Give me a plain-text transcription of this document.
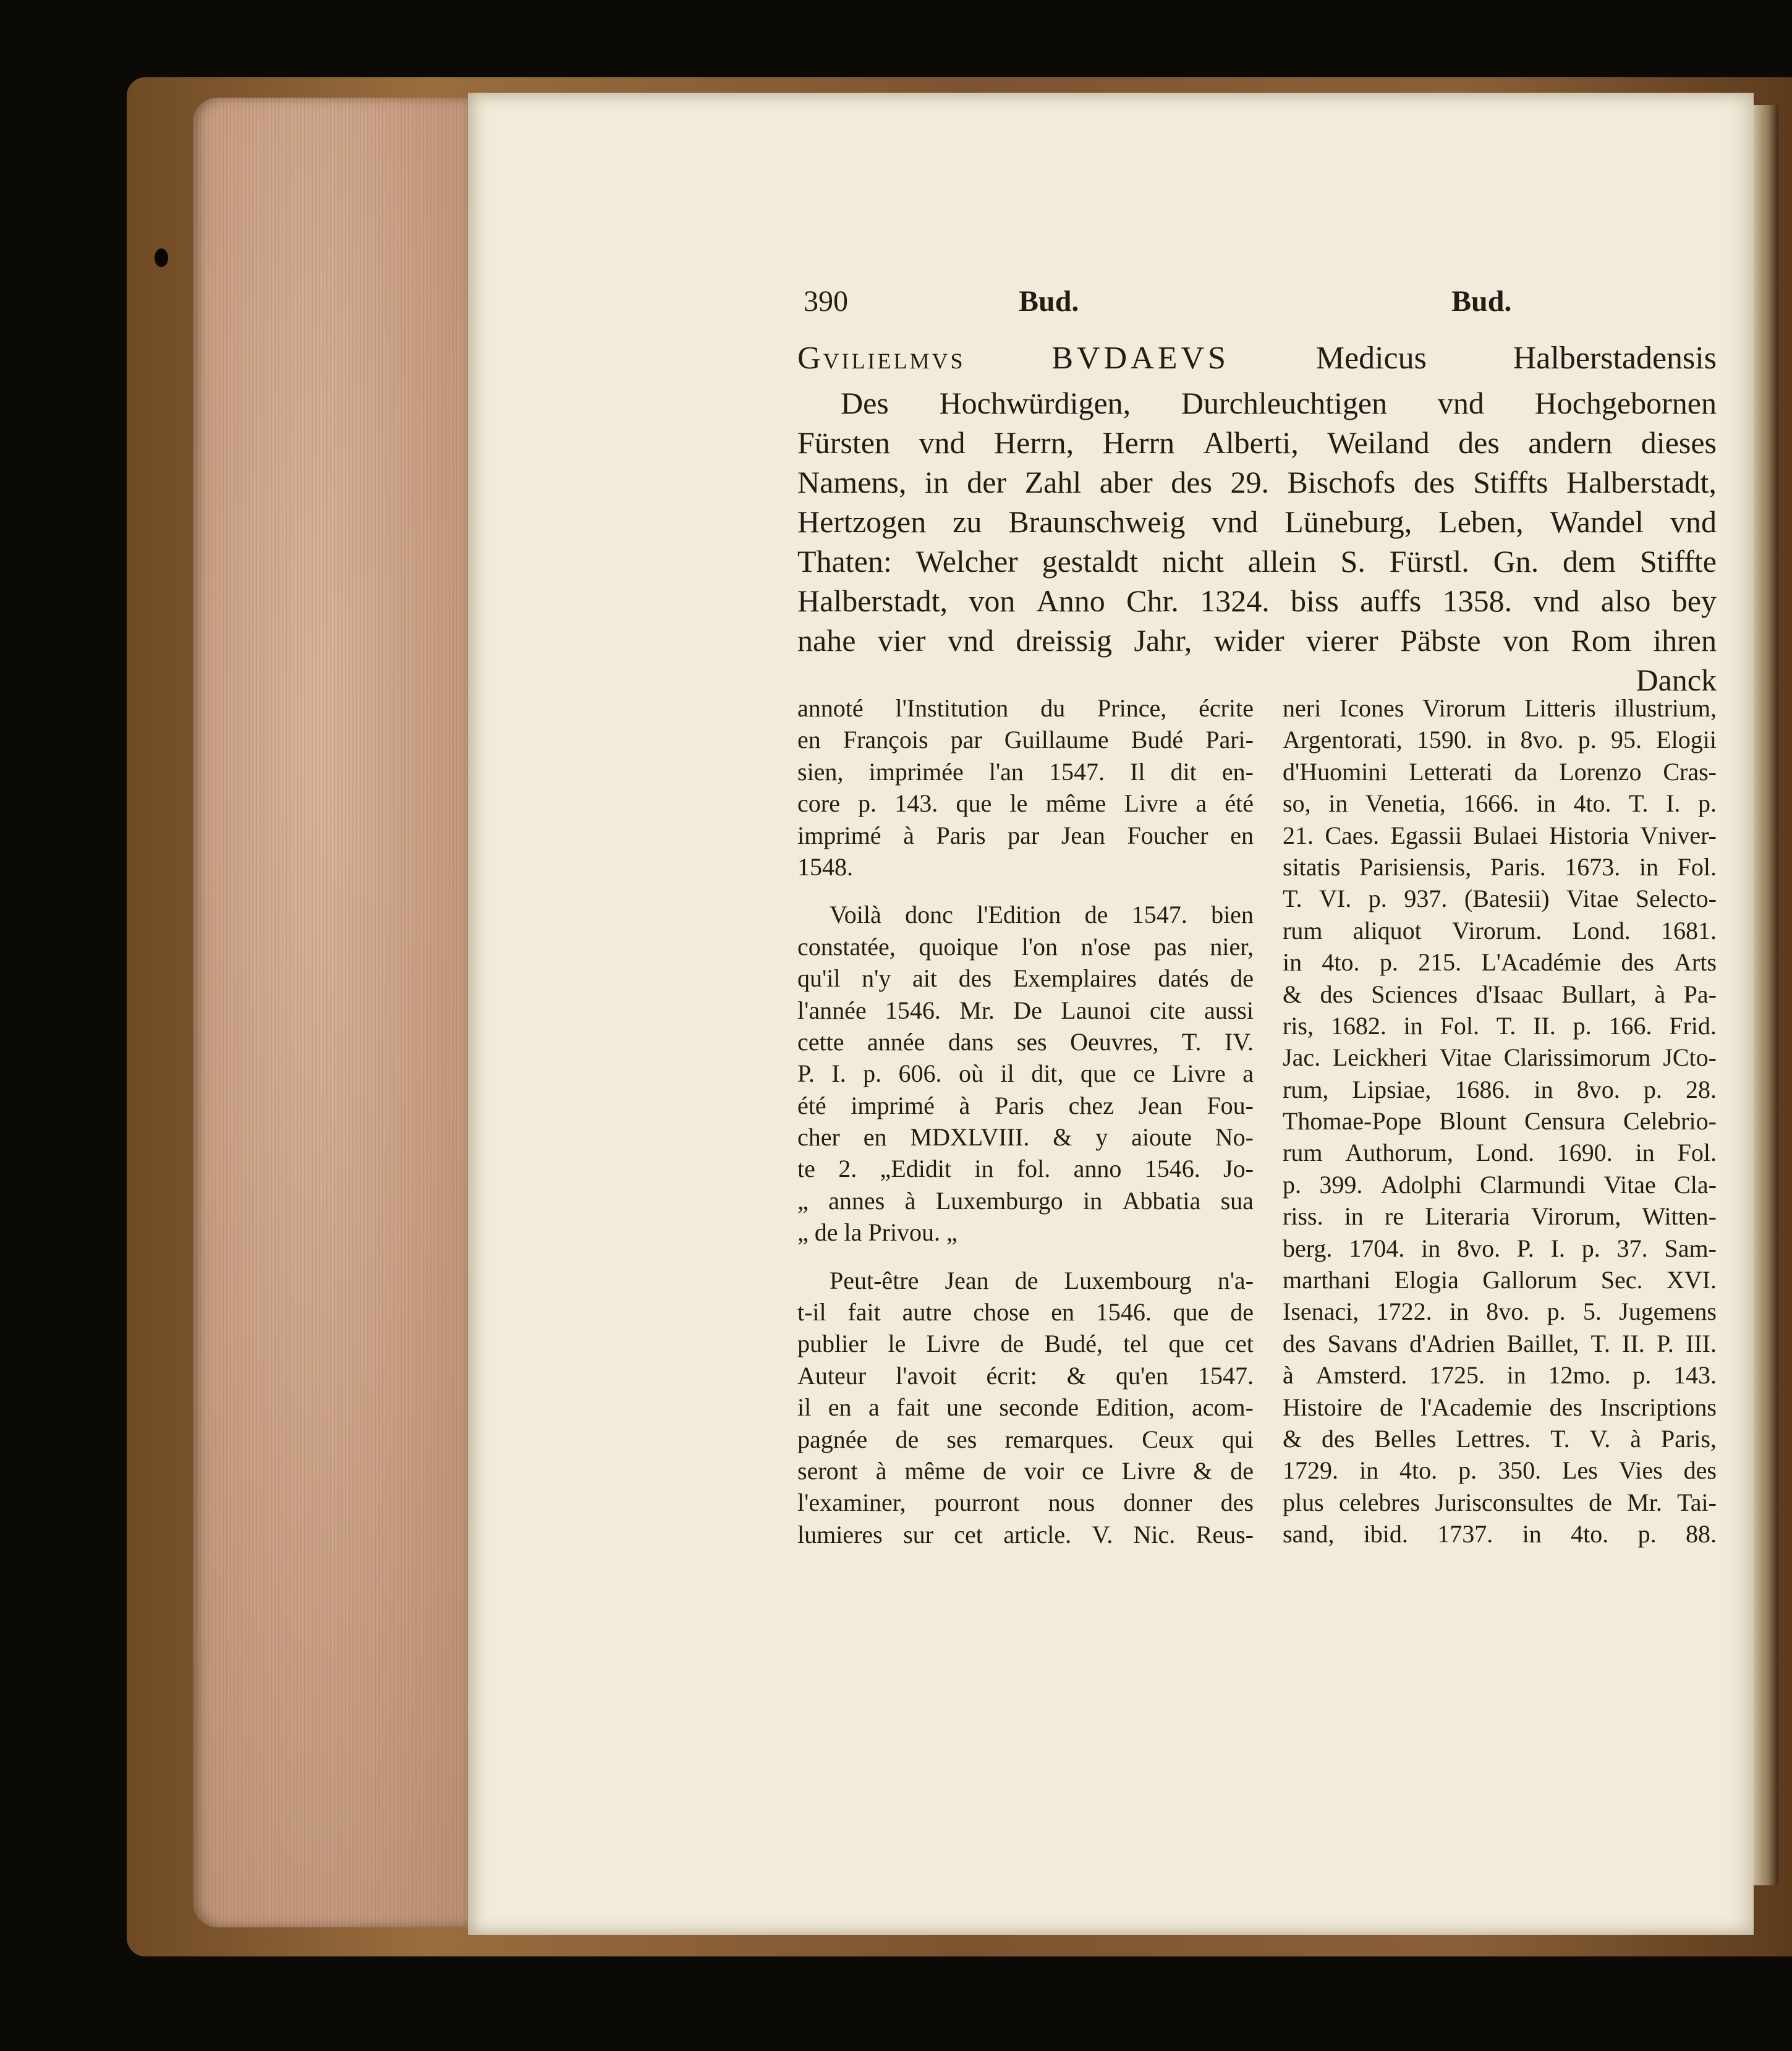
390	Bud.	Bud.
Gvilielmvs	BVDAEVS	Medicus	Halberstadensis
Des Hochwürdigen, Durchleuchtigen vnd Hochgebornen
Fürsten vnd Herrn, Herrn Alberti, Weiland des andern dieses
Namens, in der Zahl aber des 29. Bischofs des Stiffts Halberstadt,
Hertzogen zu Braunschweig vnd Lüneburg, Leben, Wandel vnd
Thaten: Welcher gestaldt nicht allein S. Fürstl. Gn. dem Stiffte
Halberstadt, von Anno Chr. 1324. biss auffs 1358. vnd also bey
nahe vier vnd dreissig Jahr, wider vierer Päbste von Rom ihren
Danck
annoté l'Institution du Prince, écrite
en François par Guillaume Budé Pari-
sien, imprimée l'an 1547. Il dit en-
core p. 143. que le même Livre a été
imprimé à Paris par Jean Foucher en
1548.
Voilà donc l'Edition de 1547. bien
constatée, quoique l'on n'ose pas nier,
qu'il n'y ait des Exemplaires datés de
l'année 1546. Mr. De Launoi cite aussi
cette année dans ses Oeuvres, T. IV.
P. I. p. 606. où il dit, que ce Livre a
été imprimé à Paris chez Jean Fou-
cher en MDXLVIII. & y aioute No-
te 2. „Edidit in fol. anno 1546. Jo-
„ annes à Luxemburgo in Abbatia sua
„ de la Privou. „
Peut-être Jean de Luxembourg n'a-
t-il fait autre chose en 1546. que de
publier le Livre de Budé, tel que cet
Auteur l'avoit écrit: & qu'en 1547.
il en a fait une seconde Edition, acom-
pagnée de ses remarques. Ceux qui
seront à même de voir ce Livre & de
l'examiner, pourront nous donner des
lumieres sur cet article. V. Nic. Reus-
neri Icones Virorum Litteris illustrium,
Argentorati, 1590. in 8vo. p. 95. Elogii
d'Huomini Letterati da Lorenzo Cras-
so, in Venetia, 1666. in 4to. T. I. p.
21. Caes. Egassii Bulaei Historia Vniver-
sitatis Parisiensis, Paris. 1673. in Fol.
T. VI. p. 937. (Batesii) Vitae Selecto-
rum aliquot Virorum. Lond. 1681.
in 4to. p. 215. L'Académie des Arts
& des Sciences d'Isaac Bullart, à Pa-
ris, 1682. in Fol. T. II. p. 166. Frid.
Jac. Leickheri Vitae Clarissimorum JCto-
rum, Lipsiae, 1686. in 8vo. p. 28.
Thomae-Pope Blount Censura Celebrio-
rum Authorum, Lond. 1690. in Fol.
p. 399. Adolphi Clarmundi Vitae Cla-
riss. in re Literaria Virorum, Witten-
berg. 1704. in 8vo. P. I. p. 37. Sam-
marthani Elogia Gallorum Sec. XVI.
Isenaci, 1722. in 8vo. p. 5. Jugemens
des Savans d'Adrien Baillet, T. II. P. III.
à Amsterd. 1725. in 12mo. p. 143.
Histoire de l'Academie des Inscriptions
& des Belles Lettres. T. V. à Paris,
1729. in 4to. p. 350. Les Vies des
plus celebres Jurisconsultes de Mr. Tai-
sand, ibid. 1737. in 4to. p. 88.
